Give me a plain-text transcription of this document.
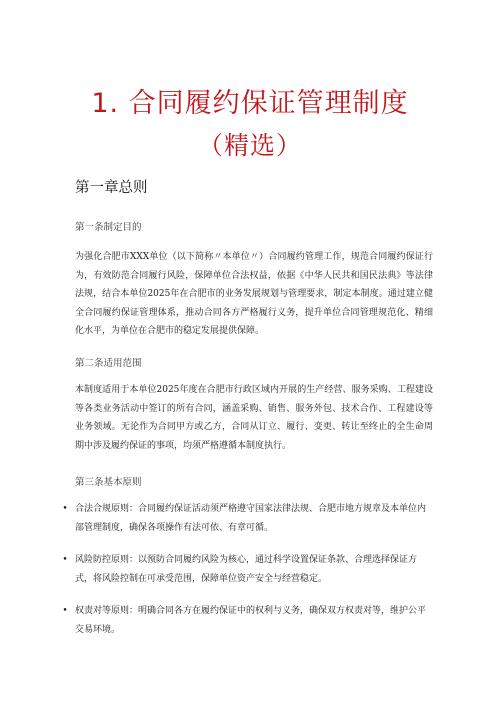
1. 合同履约保证管理制度
（精选）
第一章总则
第一条制定目的
为强化合肥市XXX单位（以下简称〃本单位〃）合同履约管理工作，规范合同履约保证行为，有效防范合同履行风险，保障单位合法权益，依据《中华人民共和国民法典》等法律法规，结合本单位2025年在合肥市的业务发展规划与管理要求，制定本制度。通过建立健全合同履约保证管理体系，推动合同各方严格履行义务，提升单位合同管理规范化、精细化水平，为单位在合肥市的稳定发展提供保障。
第二条适用范围
本制度适用于本单位2025年度在合肥市行政区域内开展的生产经营、服务采购、工程建设等各类业务活动中签订的所有合同，涵盖采购、销售、服务外包、技术合作、工程建设等业务领域。无论作为合同甲方或乙方，合同从订立、履行、变更、转让至终止的全生命周期中涉及履约保证的事项，均须严格遵循本制度执行。
第三条基本原则
• 合法合规原则：合同履约保证活动须严格遵守国家法律法规、合肥市地方规章及本单位内部管理制度，确保各项操作有法可依、有章可循。
• 风险防控原则：以预防合同履约风险为核心，通过科学设置保证条款、合理选择保证方式，将风险控制在可承受范围，保障单位资产安全与经营稳定。
• 权责对等原则：明确合同各方在履约保证中的权利与义务，确保双方权责对等，维护公平交易环境。
